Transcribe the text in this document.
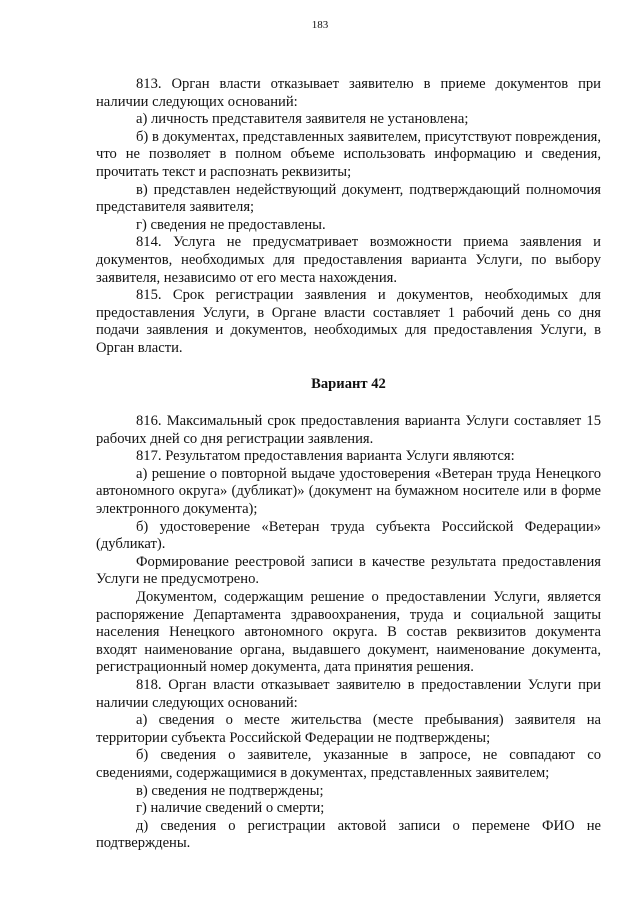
183

813. Орган власти отказывает заявителю в приеме документов при наличии следующих оснований:

а) личность представителя заявителя не установлена;

б) в документах, представленных заявителем, присутствуют повреждения, что не позволяет в полном объеме использовать информацию и сведения, прочитать текст и распознать реквизиты;

в) представлен недействующий документ, подтверждающий полномочия представителя заявителя;

г) сведения не предоставлены.

814. Услуга не предусматривает возможности приема заявления и документов, необходимых для предоставления варианта Услуги, по выбору заявителя, независимо от его места нахождения.

815. Срок регистрации заявления и документов, необходимых для предоставления Услуги, в Органе власти составляет 1 рабочий день со дня подачи заявления и документов, необходимых для предоставления Услуги, в Орган власти.

Вариант 42

816. Максимальный срок предоставления варианта Услуги составляет 15 рабочих дней со дня регистрации заявления.

817. Результатом предоставления варианта Услуги являются:

а) решение о повторной выдаче удостоверения «Ветеран труда Ненецкого автономного округа» (дубликат)» (документ на бумажном носителе или в форме электронного документа);

б) удостоверение «Ветеран труда субъекта Российской Федерации» (дубликат).

Формирование реестровой записи в качестве результата предоставления Услуги не предусмотрено.

Документом, содержащим решение о предоставлении Услуги, является распоряжение Департамента здравоохранения, труда и социальной защиты населения Ненецкого автономного округа. В состав реквизитов документа входят наименование органа, выдавшего документ, наименование документа, регистрационный номер документа, дата принятия решения.

818. Орган власти отказывает заявителю в предоставлении Услуги при наличии следующих оснований:

а) сведения о месте жительства (месте пребывания) заявителя на территории субъекта Российской Федерации не подтверждены;

б) сведения о заявителе, указанные в запросе, не совпадают со сведениями, содержащимися в документах, представленных заявителем;

в) сведения не подтверждены;

г) наличие сведений о смерти;

д) сведения о регистрации актовой записи о перемене ФИО не подтверждены.
